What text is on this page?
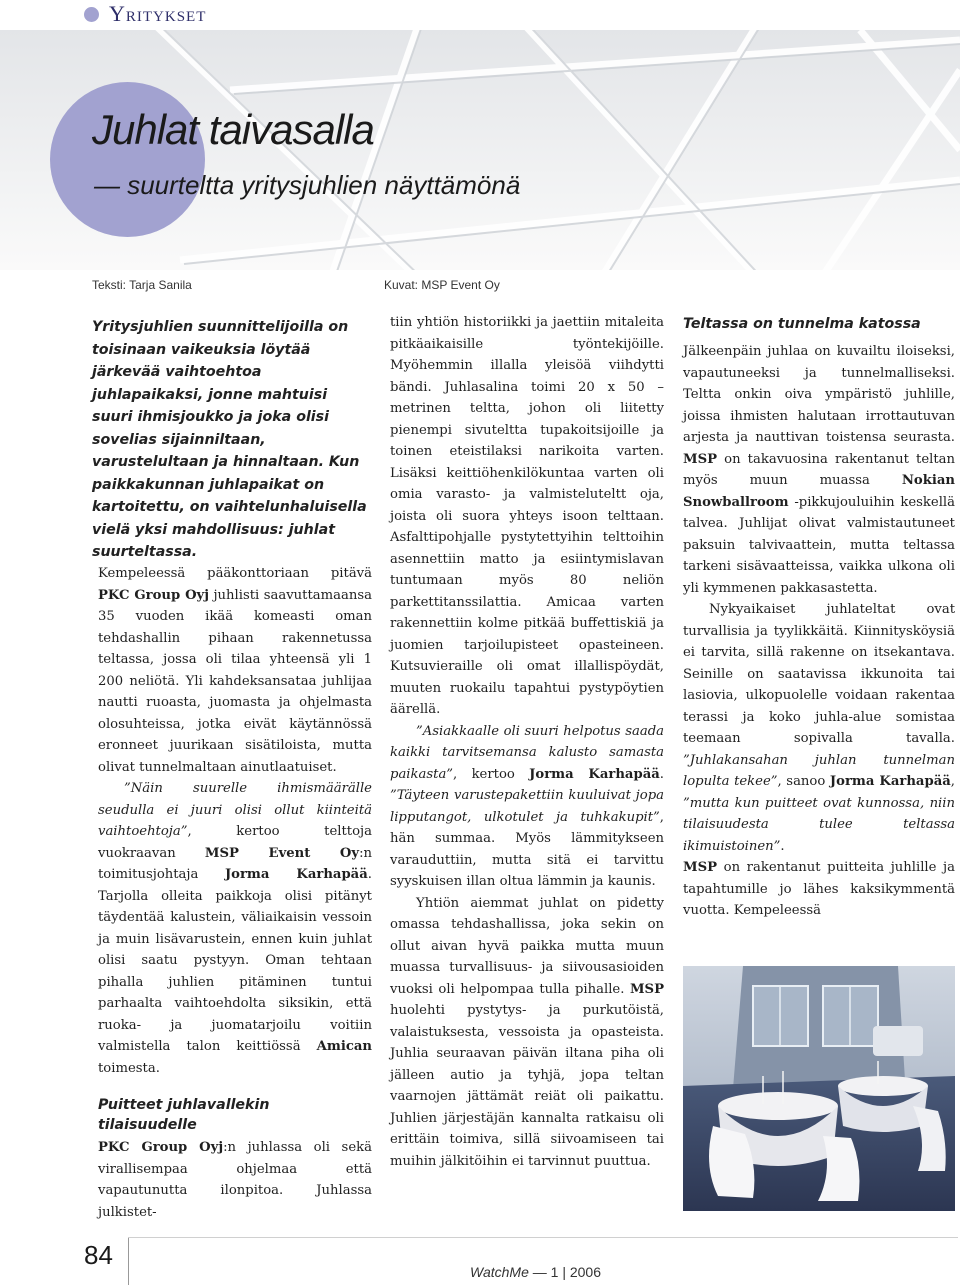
Yritykset
Juhlat taivasalla
— suurteltta yritysjuhlien näyttämönä
Teksti: Tarja Sanila	Kuvat: MSP Event Oy
Yritysjuhlien suunnittelijoilla on toisinaan vaikeuksia löytää järkevää vaihtoehtoa juhlapaikaksi, jonne mahtuisi suuri ihmisjoukko ja joka olisi sovelias sijainniltaan, varustelultaan ja hinnaltaan. Kun paikkakunnan juhlapaikat on kartoitettu, on vaihtelunhaluisella vielä yksi mahdollisuus: juhlat suurteltassa.

Kempeleessä pääkonttoriaan pitävä PKC Group Oyj juhlisti saavuttamaansa 35 vuoden ikää komeasti oman tehdashallin pihaan rakennetussa teltassa, jossa oli tilaa yhteensä yli 1 200 neliötä. Yli kahdeksansataa juhlijaa nautti ruoasta, juomasta ja ohjelmasta olosuhteissa, jotka eivät käytännössä eronneet juurikaan sisätiloista, mutta olivat tunnelmaltaan ainutlaatuiset.

”Näin suurelle ihmismäärälle seudulla ei juuri olisi ollut kiinteitä vaihtoehtoja”, kertoo telttoja vuokraavan MSP Event Oy:n toimitusjohtaja Jorma Karhapää. Tarjolla olleita paikkoja olisi pitänyt täydentää kalustein, väliaikaisin vessoin ja muin lisävarustein, ennen kuin juhlat olisi saatu pystyyn. Oman tehtaan pihalla juhlien pitäminen tuntui parhaalta vaihtoehdolta siksikin, että ruoka- ja juomatarjoilu voitiin valmistella talon keittiössä Amican toimesta.

Puitteet juhlavallekin tilaisuudelle

PKC Group Oyj:n juhlassa oli sekä virallisempaa ohjelmaa että vapautunutta ilonpitoa. Juhlassa julkistet-

tiin yhtiön historiikki ja jaettiin mitaleita pitkäaikaisille työntekijöille. Myöhemmin illalla yleisöä viihdytti bändi. Juhlasalina toimi 20 x 50 – metrinen teltta, johon oli liitetty pienempi sivuteltta tupakoitsijoille ja toinen eteistilaksi narikoita varten. Lisäksi keittiöhenkilökuntaa varten oli omia varasto- ja valmisteluteltt oja, joista oli suora yhteys isoon telttaan. Asfalttipohjalle pystytettyihin telttoihin asennettiin matto ja esiintymislavan tuntumaan myös 80 neliön parkettitanssilattia. Amicaa varten rakennettiin kolme pitkää buffettiskiä ja juomien tarjoilupisteet opasteineen. Kutsuvieraille oli omat illallispöydät, muuten ruokailu tapahtui pystypöytien äärellä.

”Asiakkaalle oli suuri helpotus saada kaikki tarvitsemansa kalusto samasta paikasta”, kertoo Jorma Karhapää. ”Täyteen varustepakettiin kuuluivat jopa lipputangot, ulkotulet ja tuhkakupit”, hän summaa. Myös lämmitykseen varauduttiin, mutta sitä ei tarvittu syyskuisen illan oltua lämmin ja kaunis.

Yhtiön aiemmat juhlat on pidetty omassa tehdashallissa, joka sekin on ollut aivan hyvä paikka mutta muun muassa turvallisuus- ja siivousasioiden vuoksi oli helpompaa tulla pihalle. MSP huolehti pystytys- ja purkutöistä, valaistuksesta, vessoista ja opasteista. Juhlia seuraavan päivän iltana piha oli jälleen autio ja tyhjä, jopa teltan vaarnojen jättämät reiät oli paikattu. Juhlien järjestäjän kannalta ratkaisu oli erittäin toimiva, sillä siivoamiseen tai muihin jälkitöihin ei tarvinnut puuttua.

Teltassa on tunnelma katossa

Jälkeenpäin juhlaa on kuvailtu iloiseksi, vapautuneeksi ja tunnelmalliseksi. Teltta onkin oiva ympäristö juhlille, joissa ihmisten halutaan irrottautuvan arjesta ja nauttivan toistensa seurasta. MSP on takavuosina rakentanut teltan myös muun muassa Nokian Snowballroom -pikkujouluihin keskellä talvea. Juhlijat olivat valmistautuneet paksuin talvivaattein, mutta teltassa tarkeni sisävaatteissa, vaikka ulkona oli yli kymmenen pakkasastetta.

Nykyaikaiset juhlateltat ovat turvallisia ja tyylikkäitä. Kiinnitysköysiä ei tarvita, sillä rakenne on itsekantava. Seinille on saatavissa ikkunoita tai lasiovia, ulkopuolelle voidaan rakentaa terassi ja koko juhla-alue somistaa teemaan sopivalla tavalla. ”Juhlakansahan juhlan tunnelman lopulta tekee”, sanoo Jorma Karhapää, ”mutta kun puitteet ovat kunnossa, niin tilaisuudesta tulee teltassa ikimuistoinen”.

MSP on rakentanut puitteita juhlille ja tapahtumille jo lähes kaksikymmentä vuotta. Kempeleessä

84
WatchMe — 1 | 2006
